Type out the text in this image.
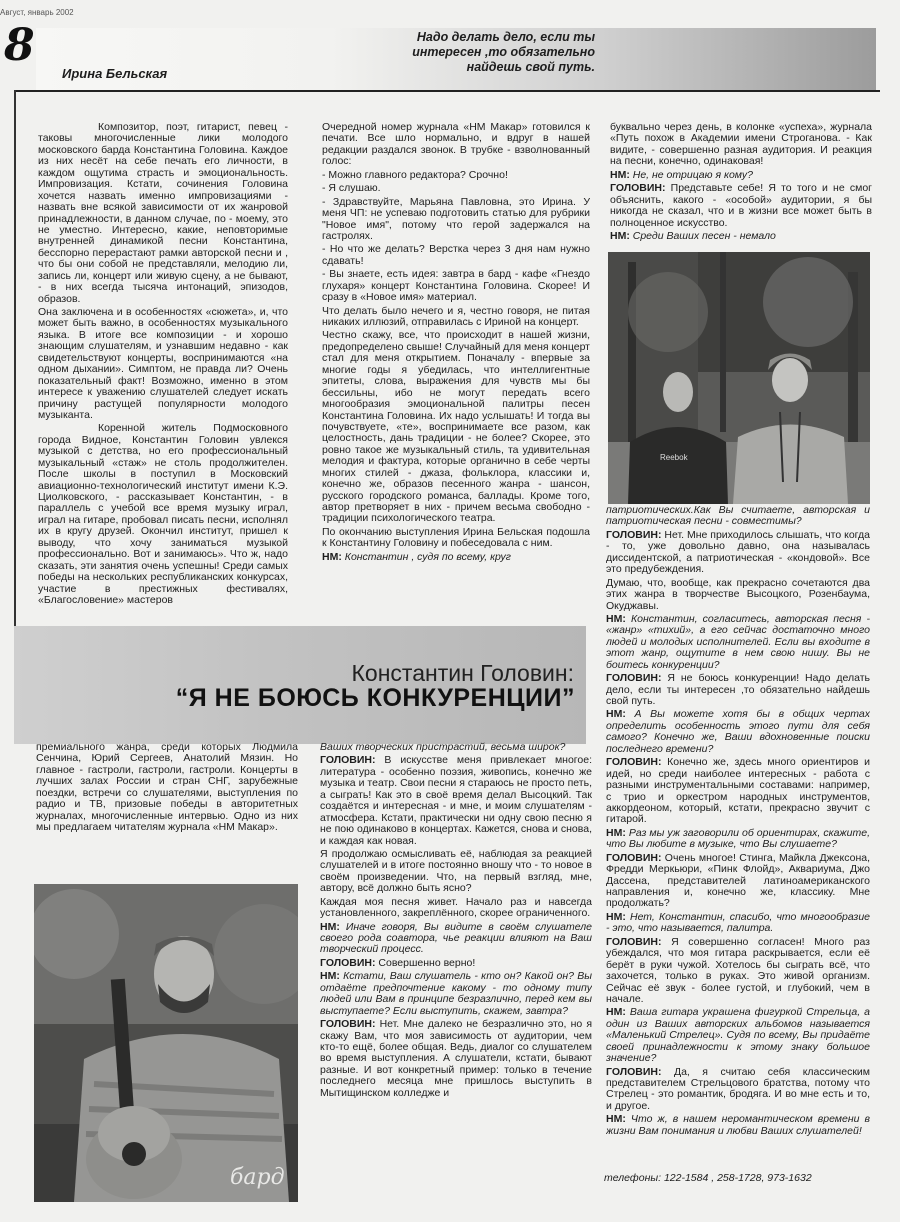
Август, январь 2002
8	Надо делать дело, если ты интересен ,то обязательно найдешь свой путь.
Ирина Бельская

Композитор, поэт, гитарист, певец - таковы многочисленные лики молодого московского барда Константина Головина. Каждое из них несёт на себе печать его личности, в каждом ощутима страсть и эмоциональность. Импровизация. Кстати, сочинения Головина хочется назвать именно импровизациями - назвать вне всякой зависимости от их жанровой принадлежности, в данном случае, по - моему, это не уместно. Интересно, какие, неповторимые внутренней динамикой песни Константина, бесспорно перерастают рамки авторской песни и , что бы они собой не представляли, мелодию ли, запись ли, концерт или живую сцену, а не бывают, - в них всегда тысяча интонаций, эпизодов, образов.

Она заключена и в особенностях «сюжета», и, что может быть важно, в особенностях музыкального языка. В итоге все композиции - и хорошо знающим слушателям, и узнавшим недавно - как свидетельствуют концерты, воспринимаются «на одном дыхании». Симптом, не правда ли? Очень показательный факт! Возможно, именно в этом интересе к уважению слушателей следует искать причину растущей популярности молодого музыканта.

Коренной житель Подмосковного города Видное, Константин Головин увлекся музыкой с детства, но его профессиональный музыкальный «стаж» не столь продолжителен. После школы в поступил в Московский авиационно-технологический институт имени К.Э. Циолковского, - рассказывает Константин, - в параллель с учебой все время музыку играл, играл на гитаре, пробовал писать песни, исполнял их в кругу друзей. Окончил институт, пришел к выводу, что хочу заниматься музыкой профессионально. Вот и занимаюсь». Что ж, надо сказать, эти занятия очень успешны! Среди самых победы на нескольких республиканских конкурсах, участие в престижных фестивалях, «Благословение» мастеров

Очередной номер журнала «НМ Макар» готовился к печати. Все шло нормально, и вдруг в нашей редакции раздался звонок. В трубке - взволнованный голос:

- Можно главного редактора? Срочно!

- Я слушаю.

- Здравствуйте, Марьяна Павловна, это Ирина. У меня ЧП: не успеваю подготовить статью для рубрики "Новое имя", потому что герой задержался на гастролях.

- Но что же делать? Верстка через 3 дня нам нужно сдавать!

- Вы знаете, есть идея: завтра в бард - кафе «Гнездо глухаря» концерт Константина Головина. Скорее! И сразу в «Новое имя» материал.

Что делать было нечего и я, честно говоря, не питая никаких иллюзий, отправилась с Ириной на концерт.

Честно скажу, все, что происходит в нашей жизни, предопределено свыше! Случайный для меня концерт стал для меня открытием. Поначалу - впервые за многие годы я убедилась, что интеллигентные эпитеты, слова, выражения для чувств мы бы бессильны, ибо не могут передать всего многообразия эмоциональной палитры песен Константина Головина. Их надо услышать! И тогда вы почувствуете, «те», воспринимаете все разом, как целостность, дань традиции - не более? Скорее, это ровно такое же музыкальный стиль, та удивительная мелодия и фактура, которые органично в себе черты многих стилей - джаза, фольклора, классики и, конечно же, образов песенного жанра - шансон, русского городского романса, баллады. Кроме того, автор претворяет в них - причем весьма свободно - традиции психологического театра.

По окончанию выступления Ирина Бельская подошла к Константину Головину и побеседовала с ним.

НМ: Константин , судя по всему, круг

буквально через день, в колонке «успеха», журнала «Путь похож в Академии имени Строганова. - Как видите, - совершенно разная аудитория. И реакция на песни, конечно, одинаковая!

НМ: Не, не отрицаю я кому?

ГОЛОВИН: Представьте себе! Я то того и не смог объяснить, какого - «особой» аудитории, я бы никогда не сказал, что и в жизни все может быть в полноценное искусство.

НМ: Среди Ваших песен - немало

Reebok

патриотических.Как Вы считаете, авторская и патриотическая песни - совместимы?

ГОЛОВИН: Нет. Мне приходилось слышать, что когда - то, уже довольно давно, она называлась диссидентской, а патриотическая - «кондовой». Все это предубеждения.

Думаю, что, вообще, как прекрасно сочетаются два этих жанра в творчестве Высоцкого, Розенбаума, Окуджавы.

НМ: Константин, согласитесь, авторская песня - «жанр» «тихий», а его сейчас достаточно много людей и молодых исполнителей. Если вы входите в этот жанр, ощутите в нем свою нишу. Вы не боитесь конкуренции?

ГОЛОВИН: Я не боюсь конкуренции! Надо делать дело, если ты интересен ,то обязательно найдешь свой путь.

НМ: А Вы можете хотя бы в общих чертах определить особенность этого пути для себя самого? Конечно же, Ваши вдохновенные поиски последнего времени?

ГОЛОВИН: Конечно же, здесь много ориентиров и идей, но среди наиболее интересных - работа с разными инструментальными составами: например, с трио и оркестром народных инструментов, аккордеоном, который, кстати, прекрасно звучит с гитарой.

НМ: Раз мы уж заговорили об ориентирах, скажите, что Вы любите в музыке, что Вы слушаете?

ГОЛОВИН: Очень многое! Стинга, Майкла Джексона, Фредди Меркьюри, «Пинк Флойд», Аквариума, Джо Дассена, представителей латиноамериканского направления и, конечно же, классику. Мне продолжать?

НМ: Нет, Константин, спасибо, что многообразие - это, что называется, палитра.

ГОЛОВИН: Я совершенно согласен! Много раз убеждался, что моя гитара раскрывается, если её берёт в руки чужой. Хотелось бы сыграть всё, что захочется, только в руках. Это живой организм. Сейчас её звук - более густой, и глубокий, чем в начале.

НМ: Ваша гитара украшена фигуркой Стрельца, а один из Ваших авторских альбомов называется «Маленький Стрелец». Судя по всему, Вы придаёте своей принадлежности к этому знаку большое значение?

ГОЛОВИН: Да, я считаю себя классическим представителем Стрельцового братства, потому что Стрелец - это романтик, бродяга. И во мне есть и то, и другое.

НМ: Что ж, в нашем неромантическом времени в жизни Вам понимания и любви Ваших слушателей!

Константин Головин:
“Я НЕ БОЮСЬ КОНКУРЕНЦИИ”

премиального жанра, среди которых Людмила Сенчина, Юрий Сергеев, Анатолий Мязин. Но главное - гастроли, гастроли, гастроли. Концерты в лучших залах России и стран СНГ, зарубежные поездки, встречи со слушателями, выступления по радио и ТВ, призовые победы в авторитетных журналах, многочисленные интервью. Одно из них мы предлагаем читателям журнала «НМ Макар».

Ваших творческих пристрастий, весьма широк?

ГОЛОВИН: В искусстве меня привлекает многое: литература - особенно поэзия, живопись, конечно же музыка и театр. Свои песни я стараюсь не просто петь, а сыграть! Как это в своё время делал Высоцкий. Так создаётся и интересная - и мне, и моим слушателям - атмосфера. Кстати, практически ни одну свою песню я не пою одинаково в концертах. Кажется, снова и снова, и каждая как новая.

Я продолжаю осмысливать её, наблюдая за реакцией слушателей и в итоге постоянно вношу что - то новое в своём произведении. Что, на первый взгляд, мне, автору, всё должно быть ясно?

Каждая моя песня живет. Начало раз и навсегда установленного, закреплённого, скорее ограниченного.

НМ: Иначе говоря, Вы видите в своём слушателе своего рода соавтора, чье реакции влияют на Ваш творческий процесс.

ГОЛОВИН: Совершенно верно!

НМ: Кстати, Ваш слушатель - кто он? Какой он? Вы отдаёте предпочтение какому - то одному типу людей или Вам в принципе безразлично, перед кем вы выступаете? Если выступить, скажем, завтра?

ГОЛОВИН: Нет. Мне далеко не безразлично это, но я скажу Вам, что моя зависимость от аудитории, чем кто-то ещё, более общая. Ведь, диалог со слушателем во время выступления. А слушатели, кстати, бывают разные. И вот конкретный пример: только в течение последнего месяца мне пришлось выступить в Мытищинском колледже и

бард	телефоны: 122-1584 , 258-1728, 973-1632
